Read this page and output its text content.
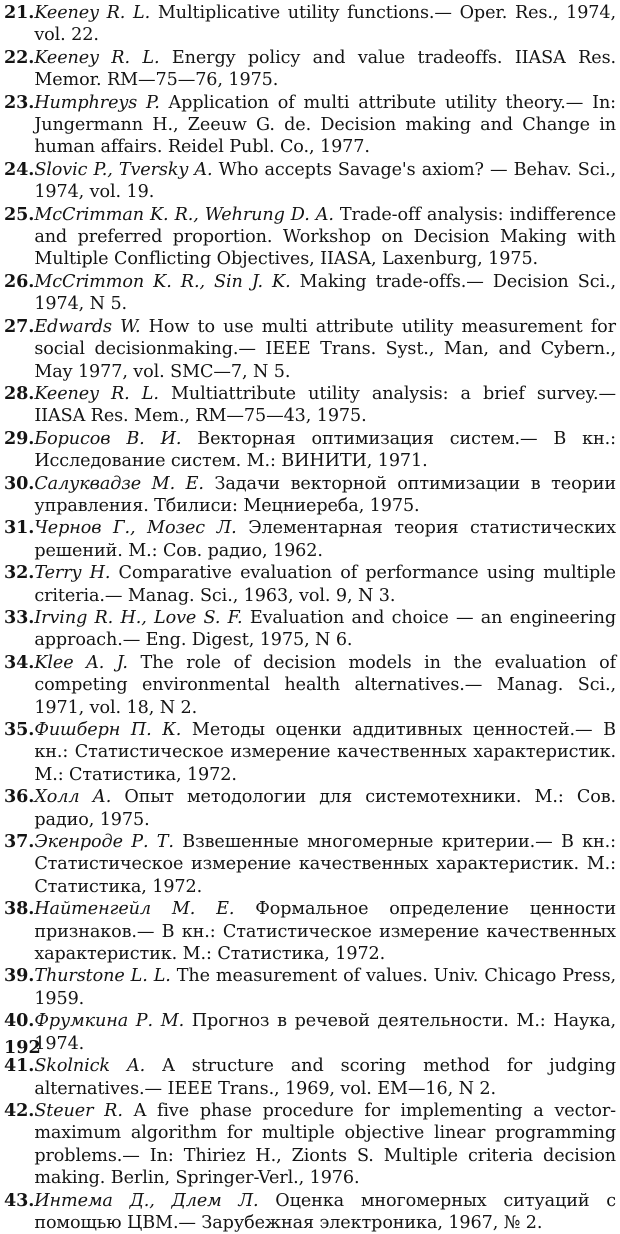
21. Keeney R. L. Multiplicative utility functions.— Oper. Res., 1974, vol. 22.
22. Keeney R. L. Energy policy and value tradeoffs. IIASA Res. Memor. RM—75—76, 1975.
23. Humphreys P. Application of multi attribute utility theory.— In: Jungermann H., Zeeuw G. de. Decision making and Change in human affairs. Reidel Publ. Co., 1977.
24. Slovic P., Tversky A. Who accepts Savage's axiom? — Behav. Sci., 1974, vol. 19.
25. McCrimman K. R., Wehrung D. A. Trade-off analysis: indifference and preferred proportion. Workshop on Decision Making with Multiple Conflicting Objectives, IIASA, Laxenburg, 1975.
26. McCrimmon K. R., Sin J. K. Making trade-offs.— Decision Sci., 1974, N 5.
27. Edwards W. How to use multi attribute utility measurement for social decisionmaking.— IEEE Trans. Syst., Man, and Cybern., May 1977, vol. SMC—7, N 5.
28. Keeney R. L. Multiattribute utility analysis: a brief survey.— IIASA Res. Mem., RM—75—43, 1975.
29. Борисов В. И. Векторная оптимизация систем.— В кн.: Исследование систем. М.: ВИНИТИ, 1971.
30. Салуквадзе М. Е. Задачи векторной оптимизации в теории управления. Тбилиси: Мецниереба, 1975.
31. Чернов Г., Мозес Л. Элементарная теория статистических решений. М.: Сов. радио, 1962.
32. Terry H. Comparative evaluation of performance using multiple criteria.— Manag. Sci., 1963, vol. 9, N 3.
33. Irving R. H., Love S. F. Evaluation and choice — an engineering approach.— Eng. Digest, 1975, N 6.
34. Klee A. J. The role of decision models in the evaluation of competing environmental health alternatives.— Manag. Sci., 1971, vol. 18, N 2.
35. Фишберн П. К. Методы оценки аддитивных ценностей.— В кн.: Статистическое измерение качественных характеристик. М.: Статистика, 1972.
36. Холл А. Опыт методологии для системотехники. М.: Сов. радио, 1975.
37. Экенроде Р. Т. Взвешенные многомерные критерии.— В кн.: Статистическое измерение качественных характеристик. М.: Статистика, 1972.
38. Найтенгейл М. Е. Формальное определение ценности признаков.— В кн.: Статистическое измерение качественных характеристик. М.: Статистика, 1972.
39. Thurstone L. L. The measurement of values. Univ. Chicago Press, 1959.
40. Фрумкина Р. М. Прогноз в речевой деятельности. М.: Наука, 1974.
41. Skolnick A. A structure and scoring method for judging alternatives.— IEEE Trans., 1969, vol. EM—16, N 2.
42. Steuer R. A five phase procedure for implementing a vector-maximum algorithm for multiple objective linear programming problems.— In: Thiriez H., Zionts S. Multiple criteria decision making. Berlin, Springer-Verl., 1976.
43. Интема Д., Длем Л. Оценка многомерных ситуаций с помощью ЦВМ.— Зарубежная электроника, 1967, № 2.
192
